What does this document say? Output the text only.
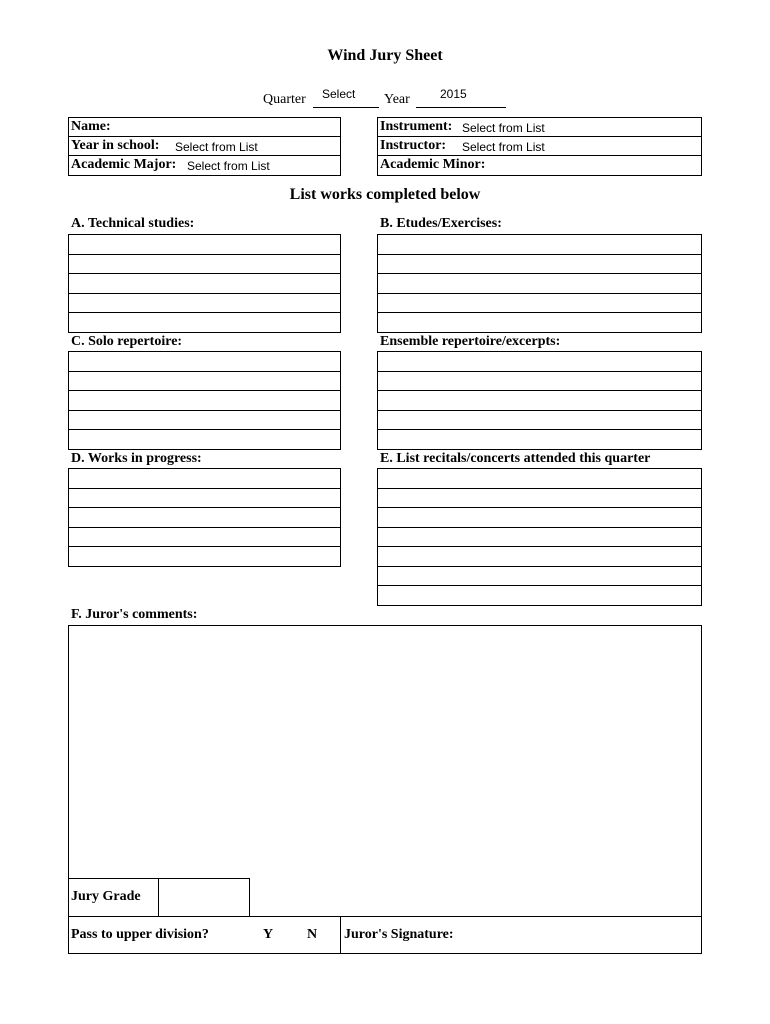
Wind Jury Sheet
Quarter Select Year	2015
Name:
Year in school: Select from List
Academic Major: Select from List
Instrument: Select from List
Instructor: Select from List
Academic Minor:
List works completed below
A. Technical studies:	B. Etudes/Exercises:
C. Solo repertoire:	Ensemble repertoire/excerpts:
D. Works in progress:	E. List recitals/concerts attended this quarter
F. Juror's comments:
Jury Grade
Pass to upper division?	Y N Juror's Signature:
